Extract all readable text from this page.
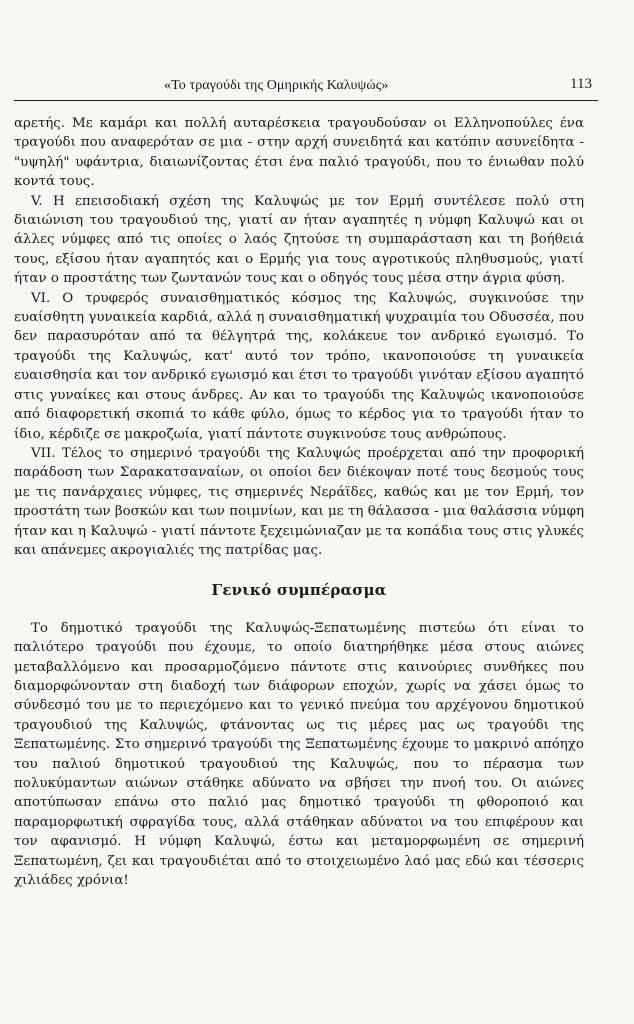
«Το τραγούδι της Ομηρικής Καλυψώς»	113

αρετής. Με καμάρι και πολλή αυταρέσκεια τραγουδούσαν οι Ελληνοπούλες ένα τραγούδι που αναφερόταν σε μια - στην αρχή συνειδητά και κατόπιν ασυνείδητα - "υψηλή" υφάντρια, διαιωνίζοντας έτσι ένα παλιό τραγούδι, που το ένιωθαν πολύ κοντά τους.

V. Η επεισοδιακή σχέση της Καλυψώς με τον Ερμή συντέλεσε πολύ στη διαιώνιση του τραγουδιού της, γιατί αν ήταν αγαπητές η νύμφη Καλυψώ και οι άλλες νύμφες από τις οποίες ο λαός ζητούσε τη συμπαράσταση και τη βοήθειά τους, εξίσου ήταν αγαπητός και ο Ερμής για τους αγροτικούς πληθυσμούς, γιατί ήταν ο προστάτης των ζωντανών τους και ο οδηγός τους μέσα στην άγρια φύση.

VI. Ο τρυφερός συναισθηματικός κόσμος της Καλυψώς, συγκινούσε την ευαίσθητη γυναικεία καρδιά, αλλά η συναισθηματική ψυχραιμία του Οδυσσέα, που δεν παρασυρόταν από τα θέλγητρά της, κολάκευε τον ανδρικό εγωισμό. Το τραγούδι της Καλυψώς, κατ' αυτό τον τρόπο, ικανοποιούσε τη γυναικεία ευαισθησία και τον ανδρικό εγωισμό και έτσι το τραγούδι γινόταν εξίσου αγαπητό στις γυναίκες και στους άνδρες. Αν και το τραγούδι της Καλυψώς ικανοποιούσε από διαφορετική σκοπιά το κάθε φύλο, όμως το κέρδος για το τραγούδι ήταν το ίδιο, κέρδιζε σε μακροζωία, γιατί πάντοτε συγκινούσε τους ανθρώπους.

VII. Τέλος το σημερινό τραγούδι της Καλυψώς προέρχεται από την προφορική παράδοση των Σαρακατσαναίων, οι οποίοι δεν διέκοψαν ποτέ τους δεσμούς τους με τις πανάρχαιες νύμφες, τις σημερινές Νεράϊδες, καθώς και με τον Ερμή, τον προστάτη των βοσκών και των ποιμνίων, και με τη θάλασσα - μια θαλάσσια νύμφη ήταν και η Καλυψώ - γιατί πάντοτε ξεχειμώνιαζαν με τα κοπάδια τους στις γλυκές και απάνεμες ακρογιαλιές της πατρίδας μας.

Γενικό συμπέρασμα

Το δημοτικό τραγούδι της Καλυψώς-Ξεπατωμένης πιστεύω ότι είναι το παλιότερο τραγούδι που έχουμε, το οποίο διατηρήθηκε μέσα στους αιώνες μεταβαλλόμενο και προσαρμοζόμενο πάντοτε στις καινούριες συνθήκες που διαμορφώνονταν στη διαδοχή των διάφορων εποχών, χωρίς να χάσει όμως το σύνδεσμό του με το περιεχόμενο και το γενικό πνεύμα του αρχέγονου δημοτικού τραγουδιού της Καλυψώς, φτάνοντας ως τις μέρες μας ως τραγούδι της Ξεπατωμένης. Στο σημερινό τραγούδι της Ξεπατωμένης έχουμε το μακρινό απόηχο του παλιού δημοτικού τραγουδιού της Καλυψώς, που το πέρασμα των πολυκύμαντων αιώνων στάθηκε αδύνατο να σβήσει την πνοή του. Οι αιώνες αποτύπωσαν επάνω στο παλιό μας δημοτικό τραγούδι τη φθοροποιό και παραμορφωτική σφραγίδα τους, αλλά στάθηκαν αδύνατοι να του επιφέρουν και τον αφανισμό. Η νύμφη Καλυψώ, έστω και μεταμορφωμένη σε σημερινή Ξεπατωμένη, ζει και τραγουδιέται από το στοιχειωμένο λαό μας εδώ και τέσσερις χιλιάδες χρόνια!
